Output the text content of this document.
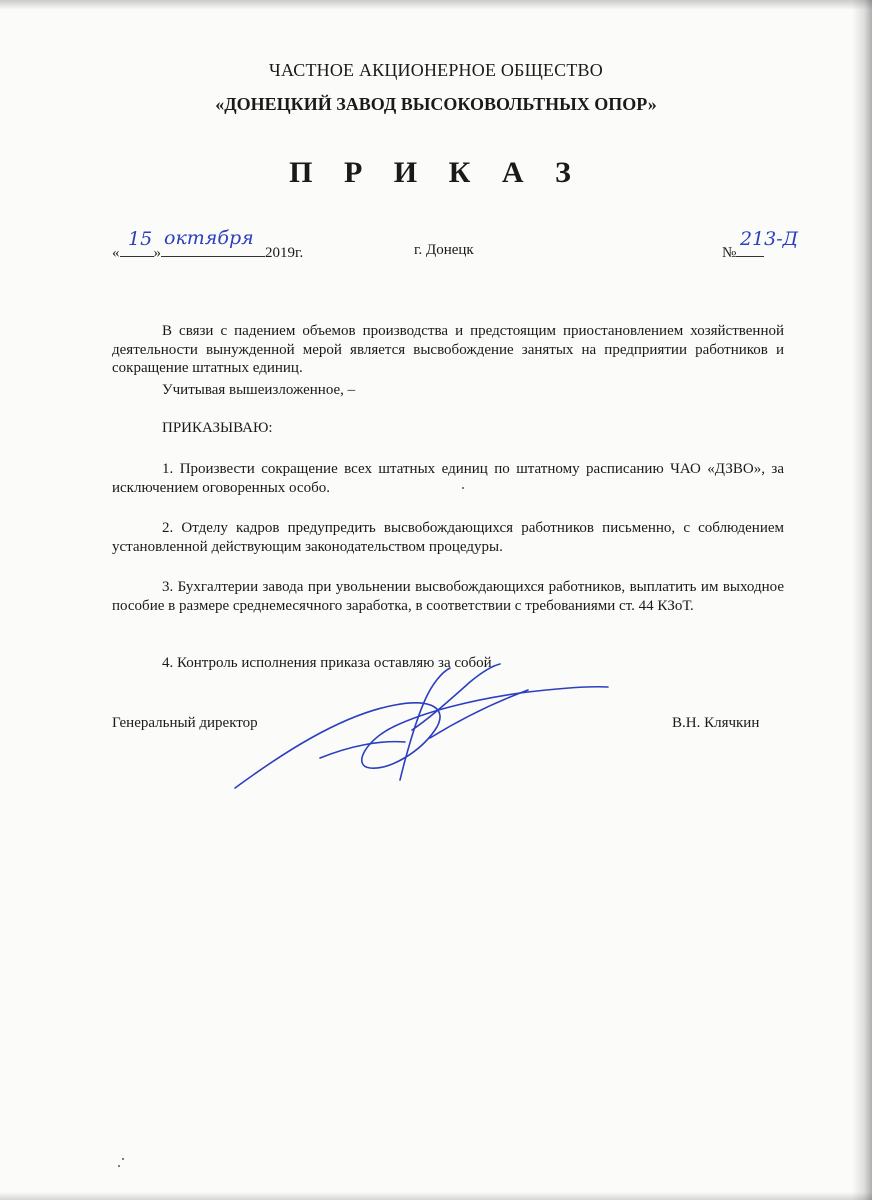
ЧАСТНОЕ АКЦИОНЕРНОЕ ОБЩЕСТВО
«ДОНЕЦКИЙ ЗАВОД ВЫСОКОВОЛЬТНЫХ ОПОР»
П Р И К А З
« »	2019г.
15 октября
г. Донецк	№
213-Д
В связи с падением объемов производства и предстоящим приостановлением хозяйственной деятельности вынужденной мерой является высвобождение занятых на предприятии работников и сокращение штатных единиц.
Учитывая вышеизложенное, –
ПРИКАЗЫВАЮ:
1. Произвести сокращение всех штатных единиц по штатному расписанию ЧАО «ДЗВО», за исключением оговоренных особо.
2. Отделу кадров предупредить высвобождающихся работников письменно, с соблюдением установленной действующим законодательством процедуры.
3. Бухгалтерии завода при увольнении высвобождающихся работников, выплатить им выходное пособие в размере среднемесячного заработка, в соответствии с требованиями ст. 44 КЗоТ.
4. Контроль исполнения приказа оставляю за собой.
Генеральный директор	В.Н. Клячкин
